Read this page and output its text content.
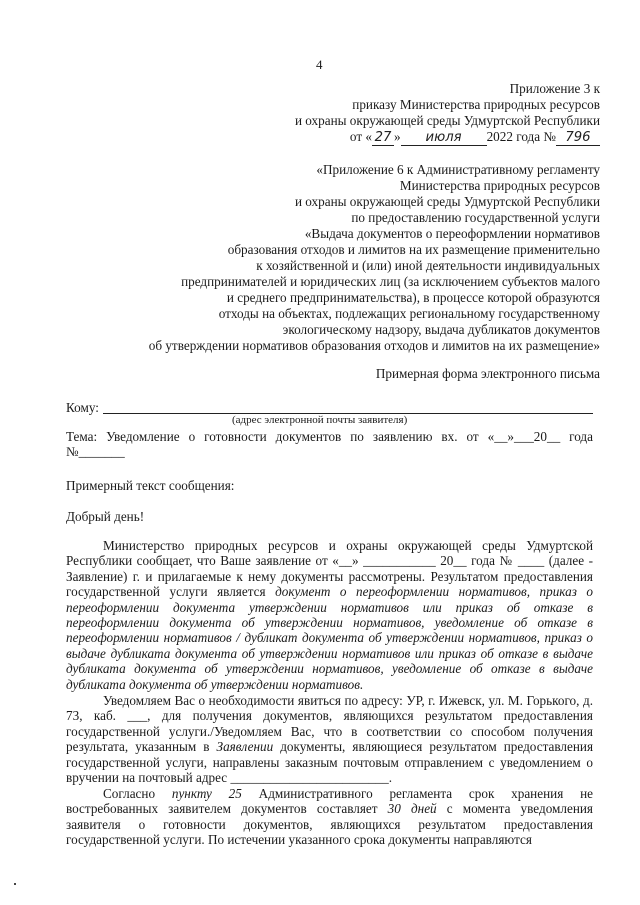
4
Приложение 3 к
приказу Министерства природных ресурсов
и охраны окружающей среды Удмуртской Республики
от « 27 » июля 2022 года № 796
«Приложение 6 к Административному регламенту
Министерства природных ресурсов
и охраны окружающей среды Удмуртской Республики
по предоставлению государственной услуги
«Выдача документов о переоформлении нормативов
образования отходов и лимитов на их размещение применительно
к хозяйственной и (или) иной деятельности индивидуальных
предпринимателей и юридических лиц (за исключением субъектов малого
и среднего предпринимательства), в процессе которой образуются
отходы на объектах, подлежащих региональному государственному
экологическому надзору, выдача дубликатов документов
об утверждении нормативов образования отходов и лимитов на их размещение»
Примерная форма электронного письма
Кому:
(адрес электронной почты заявителя)
Тема: Уведомление о готовности документов по заявлению вх. от «__»___20__ года
№_______
Примерный текст сообщения:
Добрый день!
Министерство природных ресурсов и охраны окружающей среды Удмуртской Республики сообщает, что Ваше заявление от «__» ___________ 20__ года № ____ (далее - Заявление) г. и прилагаемые к нему документы рассмотрены. Результатом предоставления государственной услуги является документ о переоформлении нормативов, приказ о переоформлении документа утверждении нормативов или приказ об отказе в переоформлении документа об утверждении нормативов, уведомление об отказе в переоформлении нормативов / дубликат документа об утверждении нормативов, приказ о выдаче дубликата документа об утверждении нормативов или приказ об отказе в выдаче дубликата документа об утверждении нормативов, уведомление об отказе в выдаче дубликата документа об утверждении нормативов.
Уведомляем Вас о необходимости явиться по адресу: УР, г. Ижевск, ул. М. Горького, д. 73, каб. ___, для получения документов, являющихся результатом предоставления государственной услуги./Уведомляем Вас, что в соответствии со способом получения результата, указанным в Заявлении документы, являющиеся результатом предоставления государственной услуги, направлены заказным почтовым отправлением с уведомлением о вручении на почтовый адрес ________________________.
Согласно пункту 25 Административного регламента срок хранения не востребованных заявителем документов составляет 30 дней с момента уведомления заявителя о готовности документов, являющихся результатом предоставления государственной услуги. По истечении указанного срока документы направляются
